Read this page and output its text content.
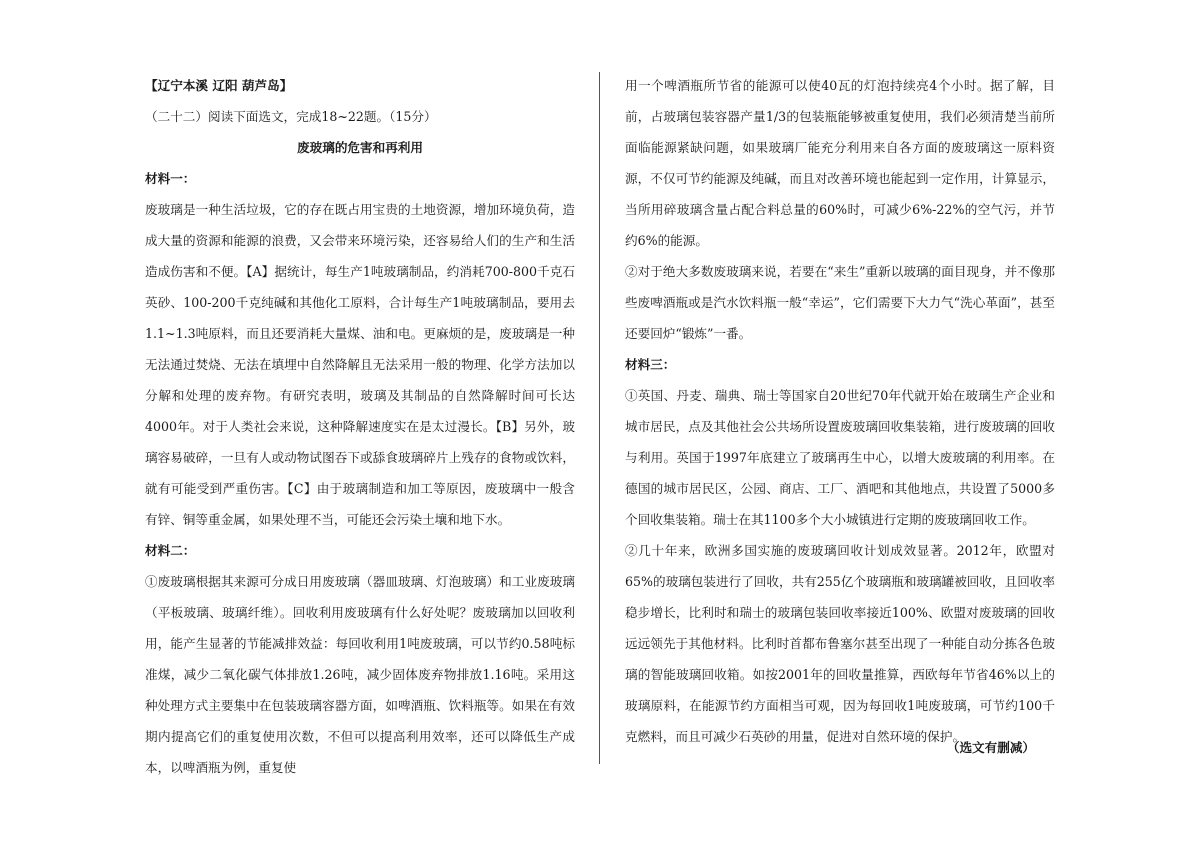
【辽宁本溪 辽阳 葫芦岛】

（二十二）阅读下面选文，完成18~22题。（15分）

废玻璃的危害和再利用

材料一：

废玻璃是一种生活垃圾，它的存在既占用宝贵的土地资源，增加环境负荷，造成大量的资源和能源的浪费，又会带来环境污染，还容易给人们的生产和生活造成伤害和不便。【A】据统计，每生产1吨玻璃制品，约消耗700-800千克石英砂、100-200千克纯碱和其他化工原料，合计每生产1吨玻璃制品，要用去1.1~1.3吨原料，而且还要消耗大量煤、油和电。更麻烦的是，废玻璃是一种无法通过焚烧、无法在填埋中自然降解且无法采用一般的物理、化学方法加以分解和处理的废弃物。有研究表明，玻璃及其制品的自然降解时间可长达4000年。对于人类社会来说，这种降解速度实在是太过漫长。【B】另外，玻璃容易破碎，一旦有人或动物试图吞下或舔食玻璃碎片上残存的食物或饮料，就有可能受到严重伤害。【C】由于玻璃制造和加工等原因，废玻璃中一般含有锌、铜等重金属，如果处理不当，可能还会污染土壤和地下水。

材料二：

①废玻璃根据其来源可分成日用废玻璃（器皿玻璃、灯泡玻璃）和工业废玻璃（平板玻璃、玻璃纤维）。回收利用废玻璃有什么好处呢？废玻璃加以回收利用，能产生显著的节能减排效益：每回收利用1吨废玻璃，可以节约0.58吨标准煤，减少二氧化碳气体排放1.26吨，减少固体废弃物排放1.16吨。采用这种处理方式主要集中在包装玻璃容器方面，如啤酒瓶、饮料瓶等。如果在有效期内提高它们的重复使用次数，不但可以提高利用效率，还可以降低生产成本，以啤酒瓶为例，重复使

用一个啤酒瓶所节省的能源可以使40瓦的灯泡持续亮4个小时。据了解，目前，占玻璃包装容器产量1/3的包装瓶能够被重复使用，我们必须清楚当前所面临能源紧缺问题，如果玻璃厂能充分利用来自各方面的废玻璃这一原料资源，不仅可节约能源及纯碱，而且对改善环境也能起到一定作用，计算显示，当所用碎玻璃含量占配合料总量的60%时，可减少6%-22%的空气污，并节约6%的能源。

②对于绝大多数废玻璃来说，若要在“来生”重新以玻璃的面目现身，并不像那些废啤酒瓶或是汽水饮料瓶一般“幸运”，它们需要下大力气“洗心革面”，甚至还要回炉“锻炼”一番。

材料三：

①英国、丹麦、瑞典、瑞士等国家自20世纪70年代就开始在玻璃生产企业和城市居民，点及其他社会公共场所设置废玻璃回收集装箱，进行废玻璃的回收与利用。英国于1997年底建立了玻璃再生中心，以增大废玻璃的利用率。在德国的城市居民区，公园、商店、工厂、酒吧和其他地点，共设置了5000多个回收集装箱。瑞士在其1100多个大小城镇进行定期的废玻璃回收工作。

②几十年来，欧洲多国实施的废玻璃回收计划成效显著。2012年，欧盟对65%的玻璃包装进行了回收，共有255亿个玻璃瓶和玻璃罐被回收，且回收率稳步增长，比利时和瑞士的玻璃包装回收率接近100%、欧盟对废玻璃的回收远远领先于其他材料。比利时首都布鲁塞尔甚至出现了一种能自动分拣各色玻璃的智能玻璃回收箱。如按2001年的回收量推算，西欧每年节省46%以上的玻璃原料，在能源节约方面相当可观，因为每回收1吨废玻璃，可节约100千克燃料，而且可减少石英砂的用量，促进对自然环境的保护。

（选文有删减）
